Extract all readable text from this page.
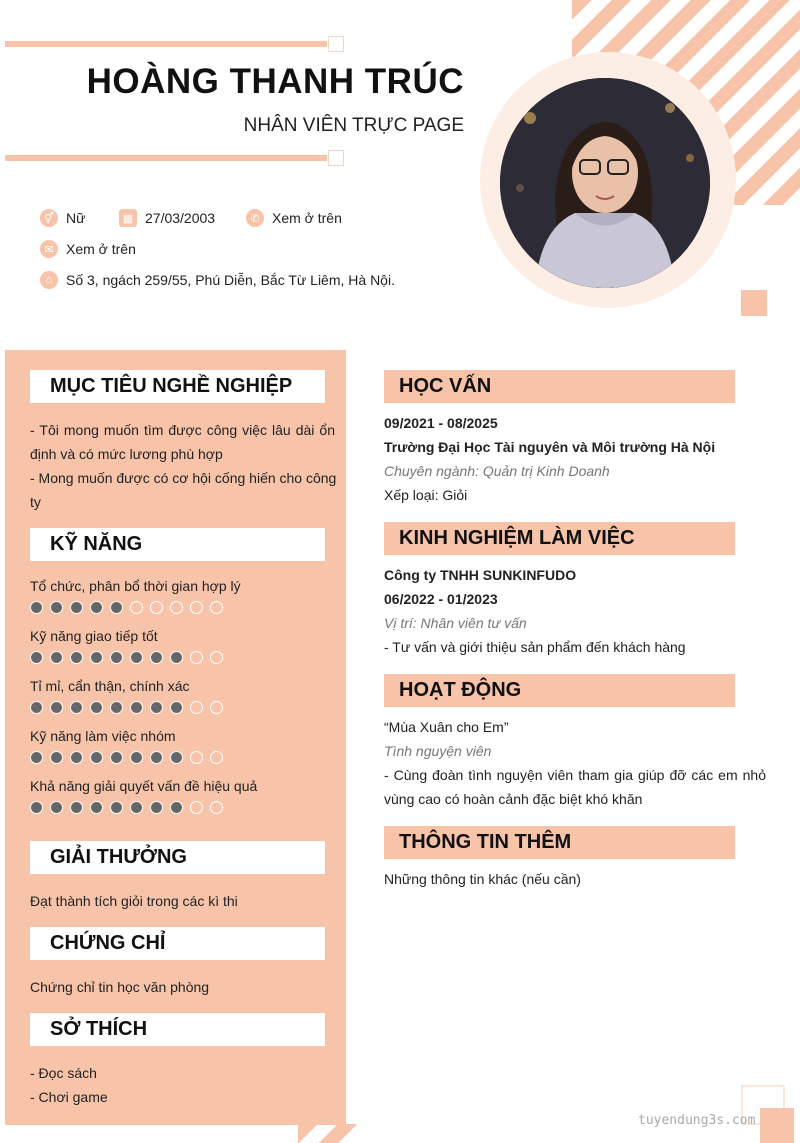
HOÀNG THANH TRÚC
NHÂN VIÊN TRỰC PAGE
⚥ Nữ	▦ 27/03/2003	✆ Xem ở trên
✉ Xem ở trên
⌂ Số 3, ngách 259/55, Phú Diễn, Bắc Từ Liêm, Hà Nội.
MỤC TIÊU NGHỀ NGHIỆP
- Tôi mong muốn tìm được công việc lâu dài ổn định và có mức lương phù hợp
- Mong muốn được có cơ hội cống hiến cho công ty
KỸ NĂNG
Tổ chức, phân bổ thời gian hợp lý
Kỹ năng giao tiếp tốt
Tỉ mỉ, cẩn thận, chính xác
Kỹ năng làm việc nhóm
Khả năng giải quyết vấn đề hiệu quả
GIẢI THƯỞNG
Đạt thành tích giỏi trong các kì thi
CHỨNG CHỈ
Chứng chỉ tin học văn phòng
SỞ THÍCH
- Đọc sách
- Chơi game
HỌC VẤN
09/2021 - 08/2025
Trường Đại Học Tài nguyên và Môi trường Hà Nội
Chuyên ngành: Quản trị Kinh Doanh
Xếp loại: Giỏi
KINH NGHIỆM LÀM VIỆC
Công ty TNHH SUNKINFUDO
06/2022 - 01/2023
Vị trí: Nhân viên tư vấn
- Tư vấn và giới thiệu sản phẩm đến khách hàng
HOẠT ĐỘNG
“Mùa Xuân cho Em”
Tình nguyện viên
- Cùng đoàn tình nguyện viên tham gia giúp đỡ các em nhỏ vùng cao có hoàn cảnh đặc biệt khó khăn
THÔNG TIN THÊM
Những thông tin khác (nếu cần)
tuyendung3s.com
